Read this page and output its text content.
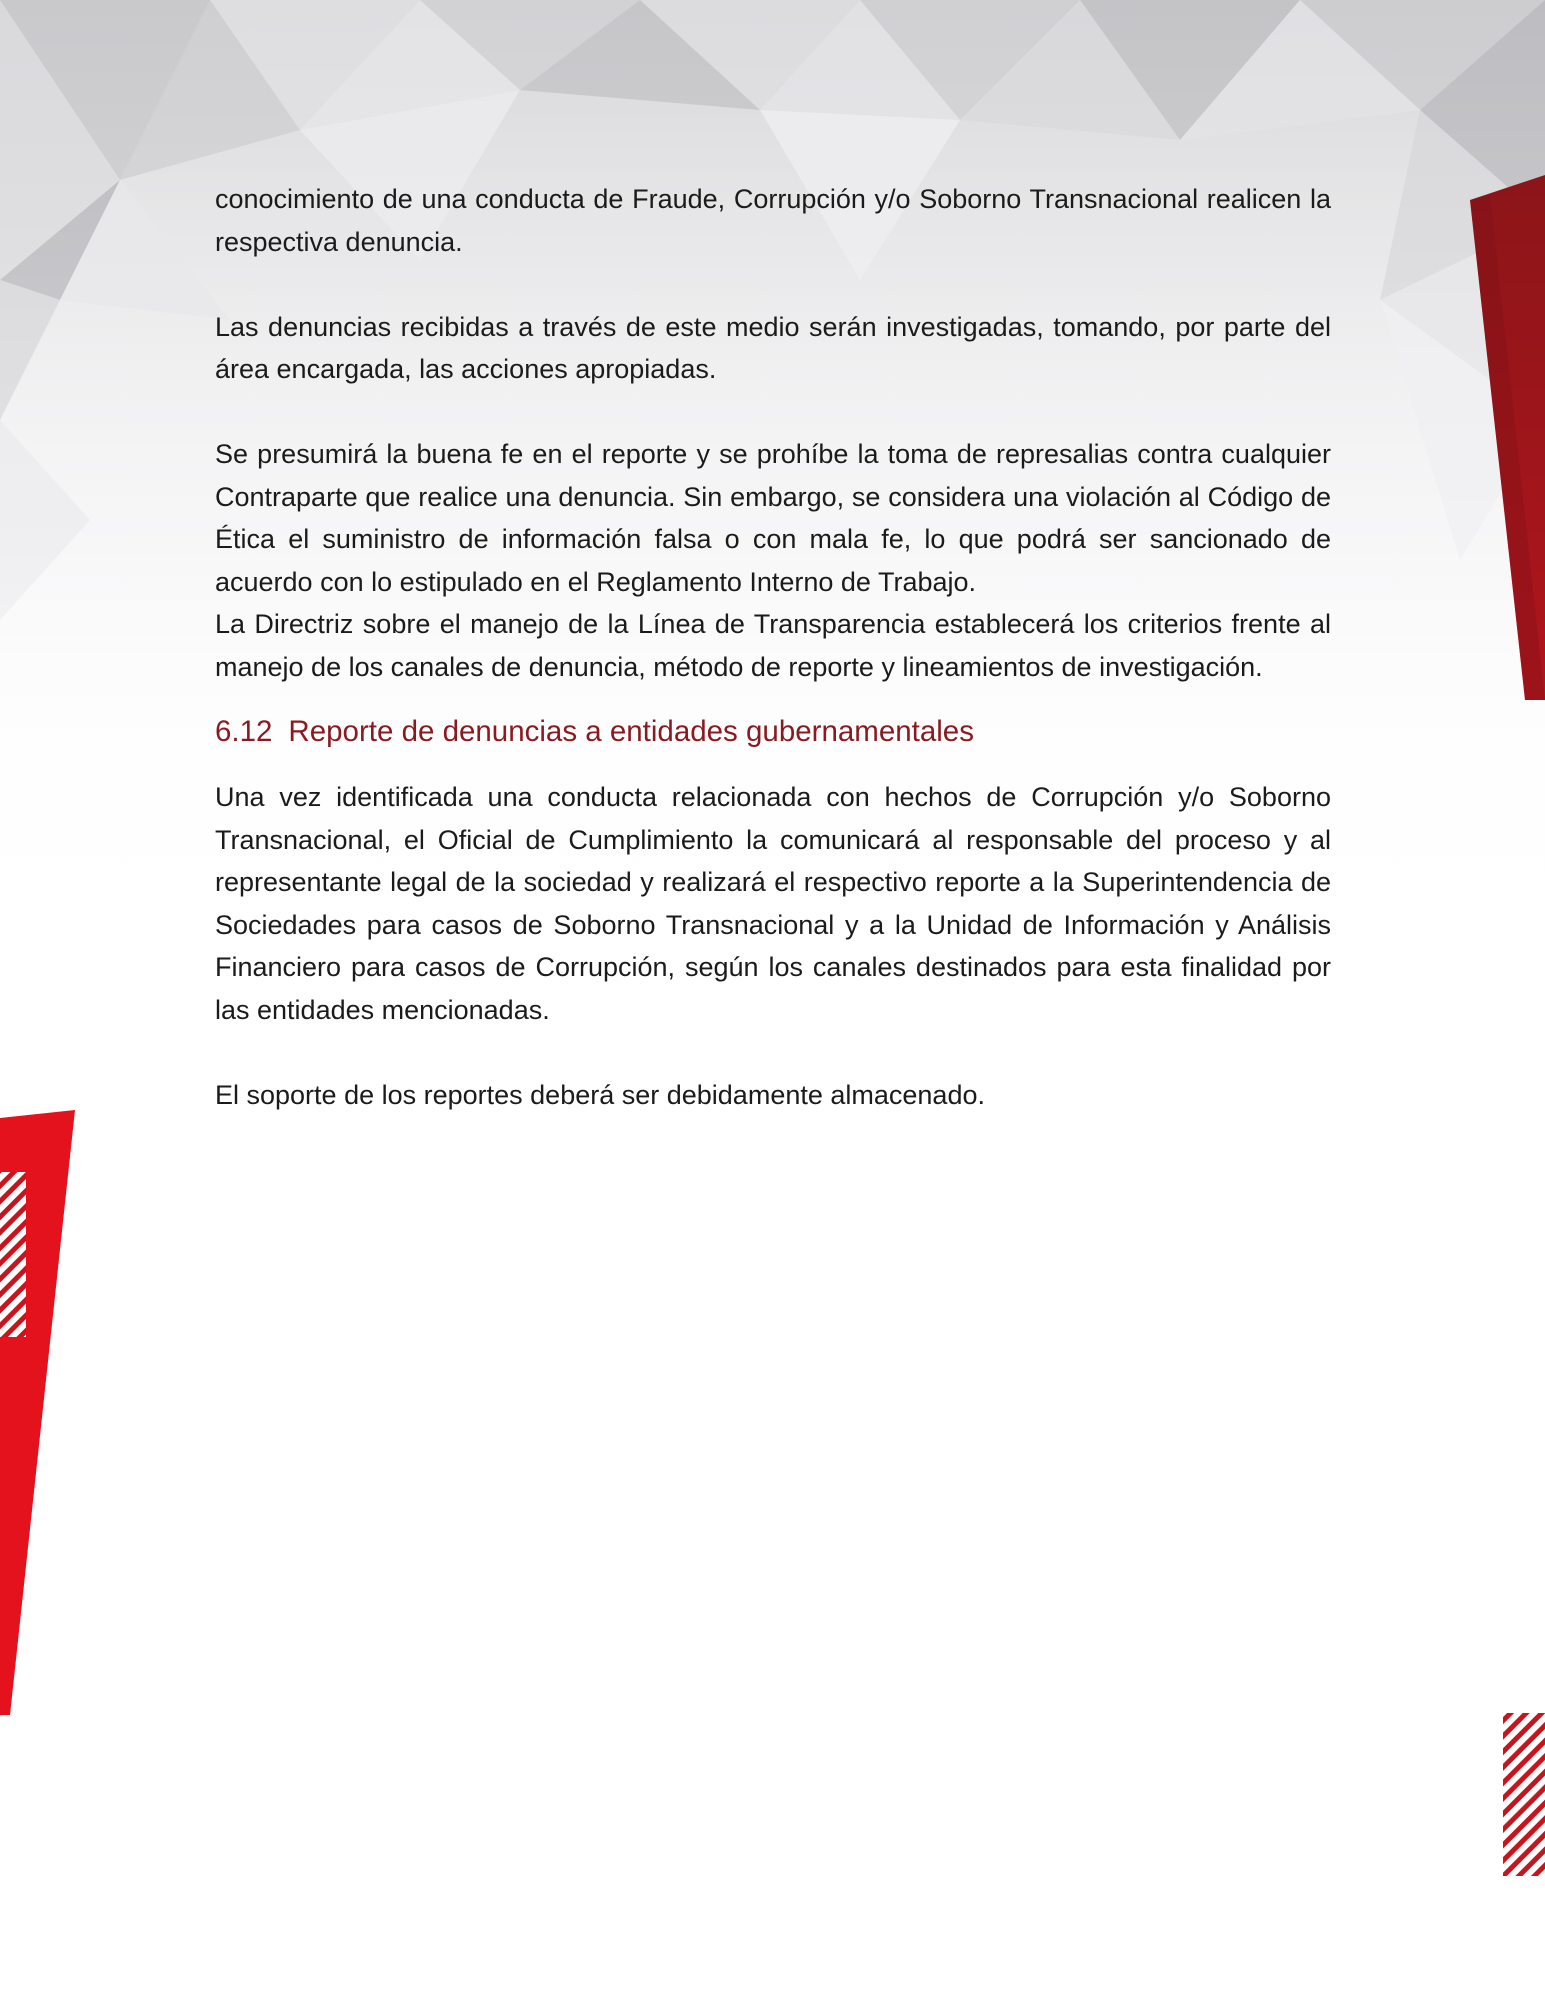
conocimiento de una conducta de Fraude, Corrupción y/o Soborno Transnacional realicen la respectiva denuncia.

Las denuncias recibidas a través de este medio serán investigadas, tomando, por parte del área encargada, las acciones apropiadas.

Se presumirá la buena fe en el reporte y se prohíbe la toma de represalias contra cualquier Contraparte que realice una denuncia. Sin embargo, se considera una violación al Código de Ética el suministro de información falsa o con mala fe, lo que podrá ser sancionado de acuerdo con lo estipulado en el Reglamento Interno de Trabajo.

La Directriz sobre el manejo de la Línea de Transparencia establecerá los criterios frente al manejo de los canales de denuncia, método de reporte y lineamientos de investigación.

6.12 Reporte de denuncias a entidades gubernamentales

Una vez identificada una conducta relacionada con hechos de Corrupción y/o Soborno Transnacional, el Oficial de Cumplimiento la comunicará al responsable del proceso y al representante legal de la sociedad y realizará el respectivo reporte a la Superintendencia de Sociedades para casos de Soborno Transnacional y a la Unidad de Información y Análisis Financiero para casos de Corrupción, según los canales destinados para esta finalidad por las entidades mencionadas.

El soporte de los reportes deberá ser debidamente almacenado.
